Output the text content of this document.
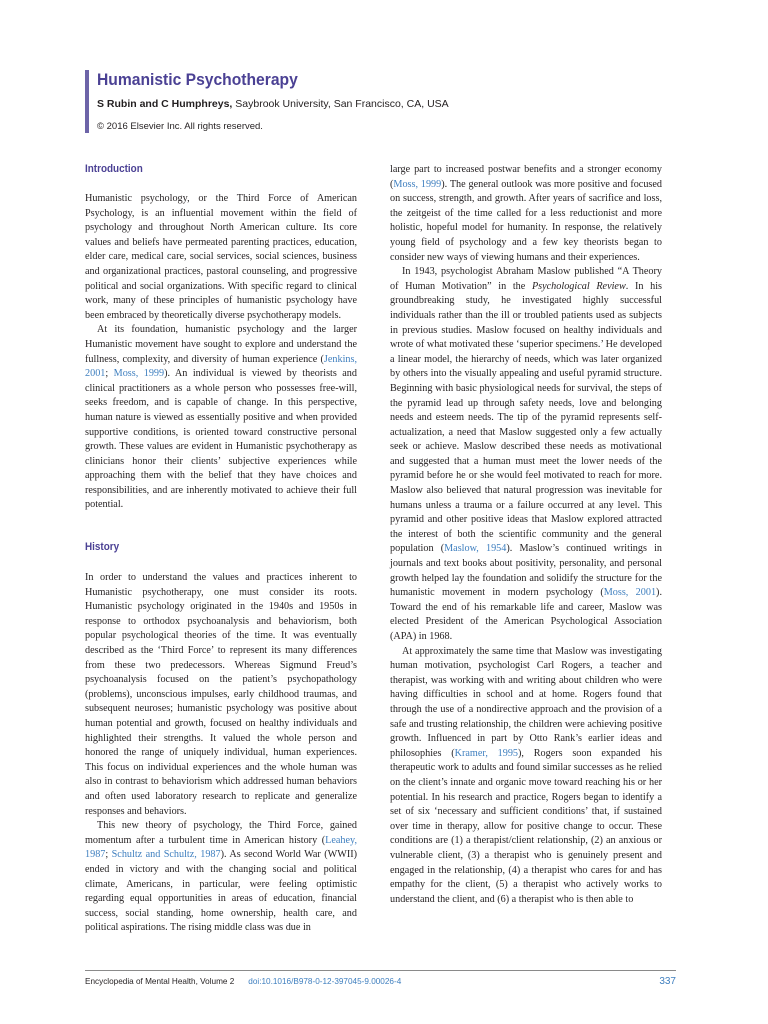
Humanistic Psychotherapy
S Rubin and C Humphreys, Saybrook University, San Francisco, CA, USA
© 2016 Elsevier Inc. All rights reserved.
Introduction

Humanistic psychology, or the Third Force of American Psychology, is an influential movement within the field of psychology and throughout North American culture. Its core values and beliefs have permeated parenting practices, education, elder care, medical care, social services, social sciences, business and organizational practices, pastoral counseling, and progressive political and social organizations. With specific regard to clinical work, many of these principles of humanistic psychology have been embraced by theoretically diverse psychotherapy models.

At its foundation, humanistic psychology and the larger Humanistic movement have sought to explore and understand the fullness, complexity, and diversity of human experience (Jenkins, 2001; Moss, 1999). An individual is viewed by theorists and clinical practitioners as a whole person who possesses free-will, seeks freedom, and is capable of change. In this perspective, human nature is viewed as essentially positive and when provided supportive conditions, is oriented toward constructive personal growth. These values are evident in Humanistic psychotherapy as clinicians honor their clients’ subjective experiences while approaching them with the belief that they have choices and responsibilities, and are inherently motivated to achieve their full potential.

History

In order to understand the values and practices inherent to Humanistic psychotherapy, one must consider its roots. Humanistic psychology originated in the 1940s and 1950s in response to orthodox psychoanalysis and behaviorism, both popular psychological theories of the time. It was eventually described as the ‘Third Force’ to represent its many differences from these two predecessors. Whereas Sigmund Freud’s psychoanalysis focused on the patient’s psychopathology (problems), unconscious impulses, early childhood traumas, and subsequent neuroses; humanistic psychology was positive about human potential and growth, focused on healthy individuals and highlighted their strengths. It valued the whole person and honored the range of uniquely individual, human experiences. This focus on individual experiences and the whole human was also in contrast to behaviorism which addressed human behaviors and often used laboratory research to replicate and generalize responses and behaviors.

This new theory of psychology, the Third Force, gained momentum after a turbulent time in American history (Leahey, 1987; Schultz and Schultz, 1987). As second World War (WWII) ended in victory and with the changing social and political climate, Americans, in particular, were feeling optimistic regarding equal opportunities in areas of education, financial success, social standing, home ownership, health care, and political aspirations. The rising middle class was due in

large part to increased postwar benefits and a stronger economy (Moss, 1999). The general outlook was more positive and focused on success, strength, and growth. After years of sacrifice and loss, the zeitgeist of the time called for a less reductionist and more holistic, hopeful model for humanity. In response, the relatively young field of psychology and a few key theorists began to consider new ways of viewing humans and their experiences.

In 1943, psychologist Abraham Maslow published “A Theory of Human Motivation” in the Psychological Review. In his groundbreaking study, he investigated highly successful individuals rather than the ill or troubled patients used as subjects in previous studies. Maslow focused on healthy individuals and wrote of what motivated these ‘superior specimens.’ He developed a linear model, the hierarchy of needs, which was later organized by others into the visually appealing and useful pyramid structure. Beginning with basic physiological needs for survival, the steps of the pyramid lead up through safety needs, love and belonging needs and esteem needs. The tip of the pyramid represents self-actualization, a need that Maslow suggested only a few actually seek or achieve. Maslow described these needs as motivational and suggested that a human must meet the lower needs of the pyramid before he or she would feel motivated to reach for more. Maslow also believed that natural progression was inevitable for humans unless a trauma or a failure occurred at any level. This pyramid and other positive ideas that Maslow explored attracted the interest of both the scientific community and the general population (Maslow, 1954). Maslow’s continued writings in journals and text books about positivity, personality, and personal growth helped lay the foundation and solidify the structure for the humanistic movement in modern psychology (Moss, 2001). Toward the end of his remarkable life and career, Maslow was elected President of the American Psychological Association (APA) in 1968.

At approximately the same time that Maslow was investigating human motivation, psychologist Carl Rogers, a teacher and therapist, was working with and writing about children who were having difficulties in school and at home. Rogers found that through the use of a nondirective approach and the provision of a safe and trusting relationship, the children were achieving positive growth. Influenced in part by Otto Rank’s earlier ideas and philosophies (Kramer, 1995), Rogers soon expanded his therapeutic work to adults and found similar successes as he relied on the client’s innate and organic move toward reaching his or her potential. In his research and practice, Rogers began to identify a set of six ‘necessary and sufficient conditions’ that, if sustained over time in therapy, allow for positive change to occur. These conditions are (1) a therapist/client relationship, (2) an anxious or vulnerable client, (3) a therapist who is genuinely present and engaged in the relationship, (4) a therapist who cares for and has empathy for the client, (5) a therapist who actively works to understand the client, and (6) a therapist who is then able to

Encyclopedia of Mental Health, Volume 2 doi:10.1016/B978-0-12-397045-9.00026-4	337
